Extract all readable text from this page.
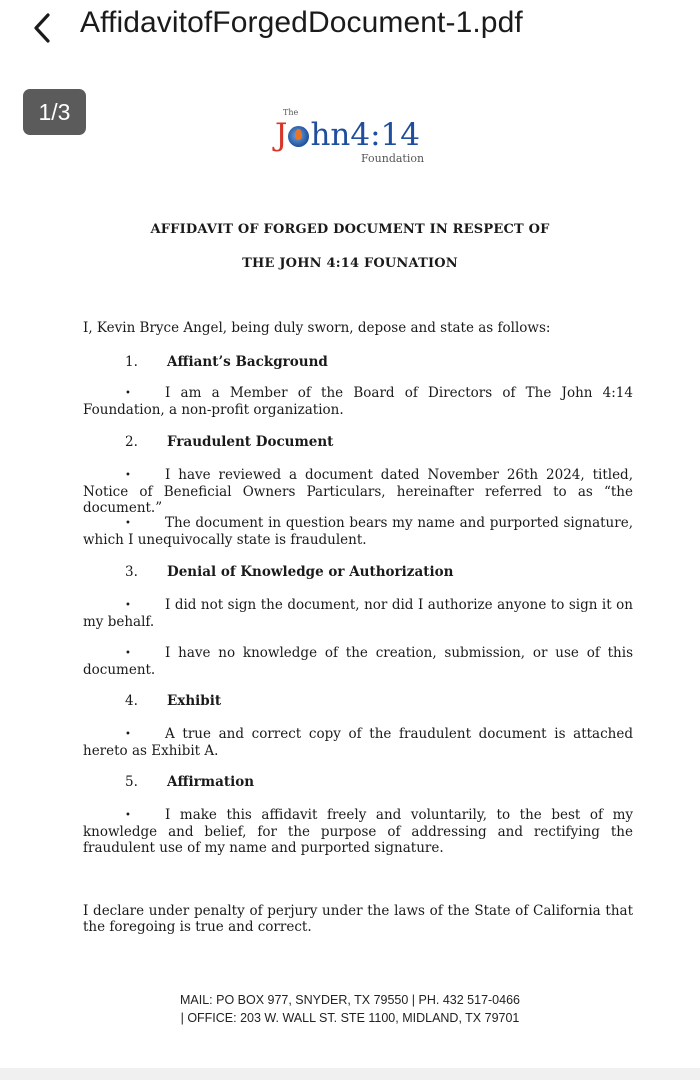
AffidavitofForgedDocument-1.pdf
1/3	The
J hn4:14
Foundation
AFFIDAVIT OF FORGED DOCUMENT IN RESPECT OF
THE JOHN 4:14 FOUNATION
I, Kevin Bryce Angel, being duly sworn, depose and state as follows:
1. Affiant’s Background
•	I am a Member of the Board of Directors of The John 4:14 Foundation, a non-profit organization.
2. Fraudulent Document
•	I have reviewed a document dated November 26th 2024, titled, Notice of Beneficial Owners Particulars, hereinafter referred to as “the document.”
•	The document in question bears my name and purported signature, which I unequivocally state is fraudulent.
3. Denial of Knowledge or Authorization
•	I did not sign the document, nor did I authorize anyone to sign it on my behalf.
•	I have no knowledge of the creation, submission, or use of this document.
4. Exhibit
•	A true and correct copy of the fraudulent document is attached hereto as Exhibit A.
5. Affirmation
•	I make this affidavit freely and voluntarily, to the best of my knowledge and belief, for the purpose of addressing and rectifying the fraudulent use of my name and purported signature.
I declare under penalty of perjury under the laws of the State of California that the foregoing is true and correct.
MAIL: PO BOX 977, SNYDER, TX 79550 | PH. 432 517-0466
| OFFICE: 203 W. WALL ST. STE 1100, MIDLAND, TX 79701
